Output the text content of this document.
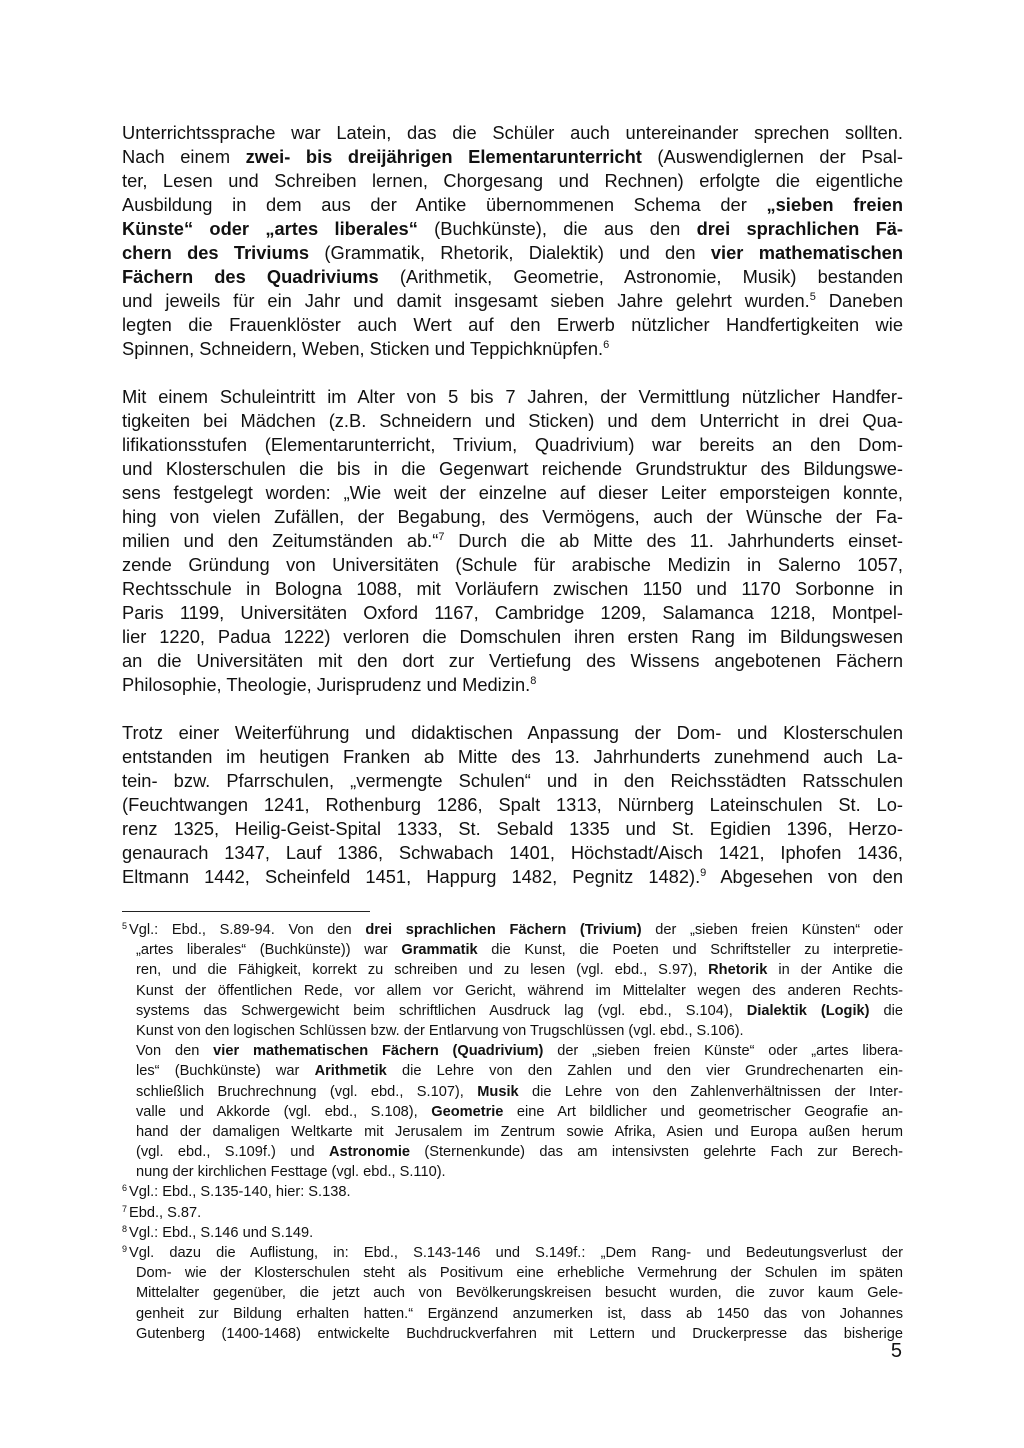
Unterrichtssprache war Latein, das die Schüler auch untereinander sprechen sollten.
Nach einem zwei- bis dreijährigen Elementarunterricht (Auswendiglernen der Psal-
ter, Lesen und Schreiben lernen, Chorgesang und Rechnen) erfolgte die eigentliche
Ausbildung in dem aus der Antike übernommenen Schema der „sieben freien
Künste“ oder „artes liberales“ (Buchkünste), die aus den drei sprachlichen Fä-
chern des Triviums (Grammatik, Rhetorik, Dialektik) und den vier mathematischen
Fächern des Quadriviums (Arithmetik, Geometrie, Astronomie, Musik) bestanden
und jeweils für ein Jahr und damit insgesamt sieben Jahre gelehrt wurden.$^5$ Daneben
legten die Frauenklöster auch Wert auf den Erwerb nützlicher Handfertigkeiten wie
Spinnen, Schneidern, Weben, Sticken und Teppichknüpfen.$^6$
Mit einem Schuleintritt im Alter von 5 bis 7 Jahren, der Vermittlung nützlicher Handfer-
tigkeiten bei Mädchen (z.B. Schneidern und Sticken) und dem Unterricht in drei Qua-
lifikationsstufen (Elementarunterricht, Trivium, Quadrivium) war bereits an den Dom-
und Klosterschulen die bis in die Gegenwart reichende Grundstruktur des Bildungswe-
sens festgelegt worden: „Wie weit der einzelne auf dieser Leiter emporsteigen konnte,
hing von vielen Zufällen, der Begabung, des Vermögens, auch der Wünsche der Fa-
milien und den Zeitumständen ab.“$^7$ Durch die ab Mitte des 11. Jahrhunderts einset-
zende Gründung von Universitäten (Schule für arabische Medizin in Salerno 1057,
Rechtsschule in Bologna 1088, mit Vorläufern zwischen 1150 und 1170 Sorbonne in
Paris 1199, Universitäten Oxford 1167, Cambridge 1209, Salamanca 1218, Montpel-
lier 1220, Padua 1222) verloren die Domschulen ihren ersten Rang im Bildungswesen
an die Universitäten mit den dort zur Vertiefung des Wissens angebotenen Fächern
Philosophie, Theologie, Jurisprudenz und Medizin.$^8$
Trotz einer Weiterführung und didaktischen Anpassung der Dom- und Klosterschulen
entstanden im heutigen Franken ab Mitte des 13. Jahrhunderts zunehmend auch La-
tein- bzw. Pfarrschulen, „vermengte Schulen“ und in den Reichsstädten Ratsschulen
(Feuchtwangen 1241, Rothenburg 1286, Spalt 1313, Nürnberg Lateinschulen St. Lo-
renz 1325, Heilig-Geist-Spital 1333, St. Sebald 1335 und St. Egidien 1396, Herzo-
genaurach 1347, Lauf 1386, Schwabach 1401, Höchstadt/Aisch 1421, Iphofen 1436,
Eltmann 1442, Scheinfeld 1451, Happurg 1482, Pegnitz 1482).$^9$ Abgesehen von den
$^5$ Vgl.: Ebd., S.89-94. Von den drei sprachlichen Fächern (Trivium) der „sieben freien Künsten“ oder
„artes liberales“ (Buchkünste)) war Grammatik die Kunst, die Poeten und Schriftsteller zu interpretie-
ren, und die Fähigkeit, korrekt zu schreiben und zu lesen (vgl. ebd., S.97), Rhetorik in der Antike die
Kunst der öffentlichen Rede, vor allem vor Gericht, während im Mittelalter wegen des anderen Rechts-
systems das Schwergewicht beim schriftlichen Ausdruck lag (vgl. ebd., S.104), Dialektik (Logik) die
Kunst von den logischen Schlüssen bzw. der Entlarvung von Trugschlüssen (vgl. ebd., S.106).
Von den vier mathematischen Fächern (Quadrivium) der „sieben freien Künste“ oder „artes libera-
les“ (Buchkünste) war Arithmetik die Lehre von den Zahlen und den vier Grundrechenarten ein-
schließlich Bruchrechnung (vgl. ebd., S.107), Musik die Lehre von den Zahlenverhältnissen der Inter-
valle und Akkorde (vgl. ebd., S.108), Geometrie eine Art bildlicher und geometrischer Geografie an-
hand der damaligen Weltkarte mit Jerusalem im Zentrum sowie Afrika, Asien und Europa außen herum
(vgl. ebd., S.109f.) und Astronomie (Sternenkunde) das am intensivsten gelehrte Fach zur Berech-
nung der kirchlichen Festtage (vgl. ebd., S.110).
$^6$ Vgl.: Ebd., S.135-140, hier: S.138.
$^7$ Ebd., S.87.
$^8$ Vgl.: Ebd., S.146 und S.149.
$^9$ Vgl. dazu die Auflistung, in: Ebd., S.143-146 und S.149f.: „Dem Rang- und Bedeutungsverlust der
Dom- wie der Klosterschulen steht als Positivum eine erhebliche Vermehrung der Schulen im späten
Mittelalter gegenüber, die jetzt auch von Bevölkerungskreisen besucht wurden, die zuvor kaum Gele-
genheit zur Bildung erhalten hatten.“ Ergänzend anzumerken ist, dass ab 1450 das von Johannes
Gutenberg (1400-1468) entwickelte Buchdruckverfahren mit Lettern und Druckerpresse das bisherige
5
